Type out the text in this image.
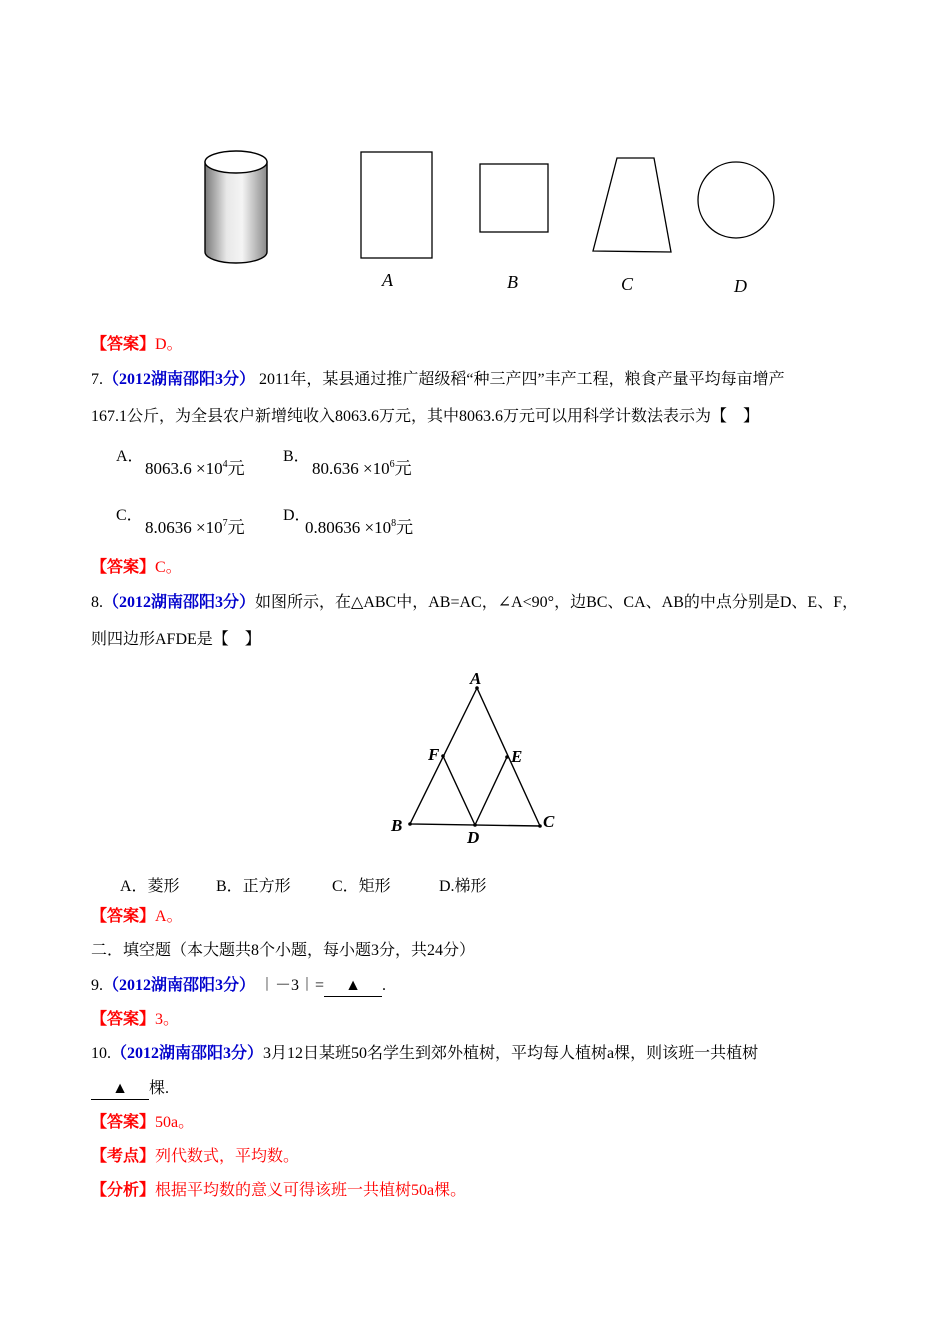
A	B	C	D
【答案】D。
7.（2012湖南邵阳3分） 2011年，某县通过推广超级稻“种三产四”丰产工程，粮食产量平均每亩增产
167.1公斤，为全县农户新增纯收入8063.6万元，其中8063.6万元可以用科学计数法表示为【　】
A．
$8063.6 \times 10^4$元
B．
$80.636 \times 10^6$元
C．
$8.0636 \times 10^7$元
D．
$0.80636 \times 10^8$元
【答案】C。
8.（2012湖南邵阳3分）如图所示，在△ABC中，AB=AC，∠A<90°，边BC、CA、AB的中点分别是D、E、F，
则四边形AFDE是【　】
A
F	E
B
D
C
A．菱形 B．正方形	C．矩形	D.梯形
【答案】A。
二．填空题（本大题共8个小题，每小题3分，共24分）
9.（2012湖南邵阳3分） ︱－3︱= ▲ .
【答案】3。
10.（2012湖南邵阳3分）3月12日某班50名学生到郊外植树，平均每人植树a棵，则该班一共植树
▲ 棵.
【答案】50a。
【考点】列代数式，平均数。
【分析】根据平均数的意义可得该班一共植树50a棵。
